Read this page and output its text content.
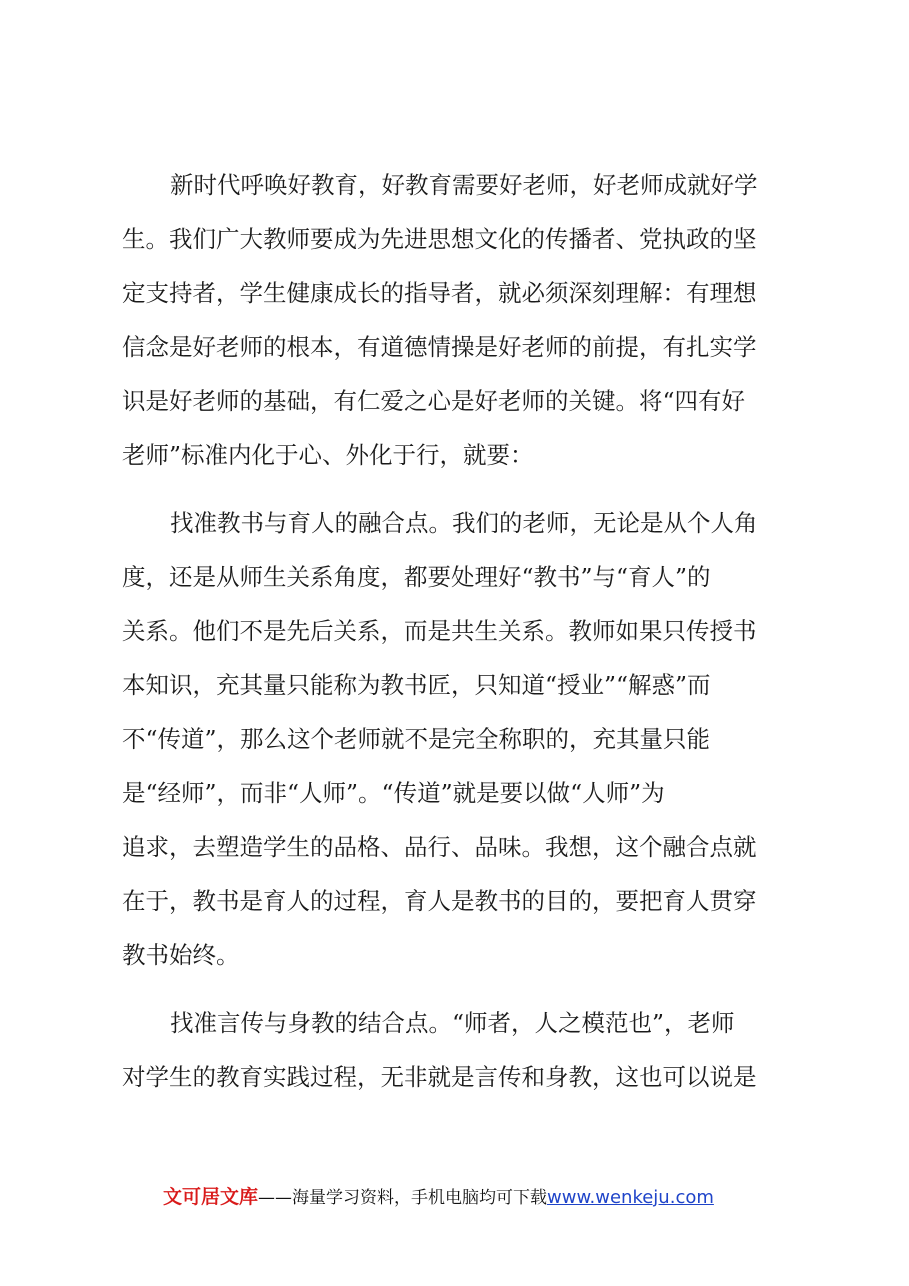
新时代呼唤好教育，好教育需要好老师，好老师成就好学

生。我们广大教师要成为先进思想文化的传播者、党执政的坚

定支持者，学生健康成长的指导者，就必须深刻理解：有理想

信念是好老师的根本，有道德情操是好老师的前提，有扎实学

识是好老师的基础，有仁爱之心是好老师的关键。将“四有好

老师”标准内化于心、外化于行，就要：

找准教书与育人的融合点。我们的老师，无论是从个人角

度，还是从师生关系角度，都要处理好“教书”与“育人”的

关系。他们不是先后关系，而是共生关系。教师如果只传授书

本知识，充其量只能称为教书匠，只知道“授业”“解惑”而

不“传道”，那么这个老师就不是完全称职的，充其量只能

是“经师”，而非“人师”。“传道”就是要以做“人师”为

追求，去塑造学生的品格、品行、品味。我想，这个融合点就

在于，教书是育人的过程，育人是教书的目的，要把育人贯穿

教书始终。

找准言传与身教的结合点。“师者，人之模范也”，老师

对学生的教育实践过程，无非就是言传和身教，这也可以说是

文可居文库——海量学习资料，手机电脑均可下载www.wenkeju.com
